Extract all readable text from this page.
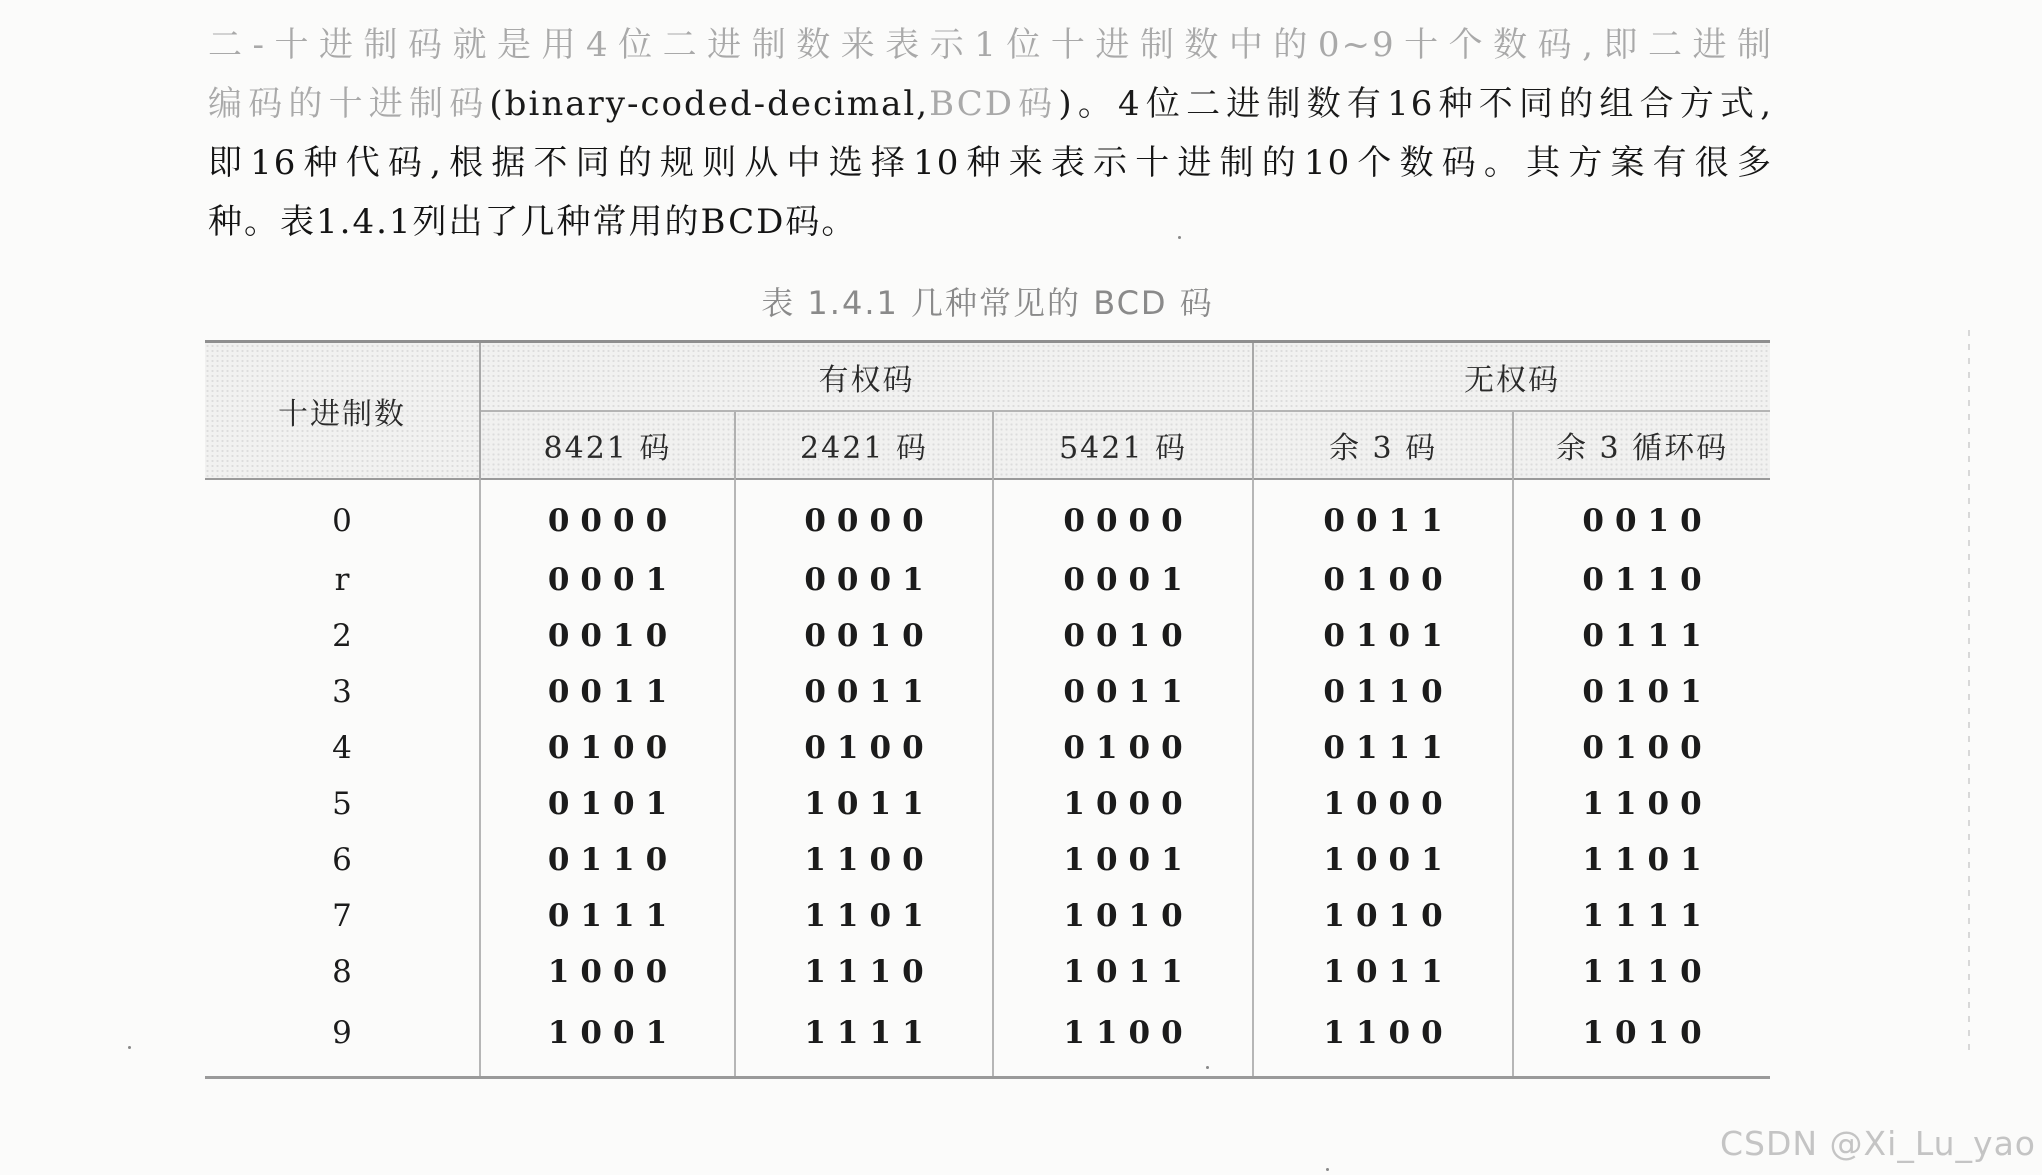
二-十进制码就是用4位二进制数来表示1位十进制数中的0~9十个数码,即二进制
编码的十进制码(binary-coded-decimal,BCD码)。4位二进制数有16种不同的组合方式,
即16种代码,根据不同的规则从中选择10种来表示十进制的10个数码。其方案有很多
种。表1.4.1列出了几种常用的BCD码。
表 1.4.1 几种常见的 BCD 码
十进制数	有权码			无权码	
	8421 码	2421 码	5421 码	余 3 码	余 3 循环码
0	0000	0000	0000	0011	0010
r	0001	0001	0001	0100	0110
2	0010	0010	0010	0101	0111
3	0011	0011	0011	0110	0101
4	0100	0100	0100	0111	0100
5	0101	1011	1000	1000	1100
6	0110	1100	1001	1001	1101
7	0111	1101	1010	1010	1111
8	1000	1110	1011	1011	1110
9	1001	1111	1100	1100	1010
CSDN @Xi_Lu_yao
